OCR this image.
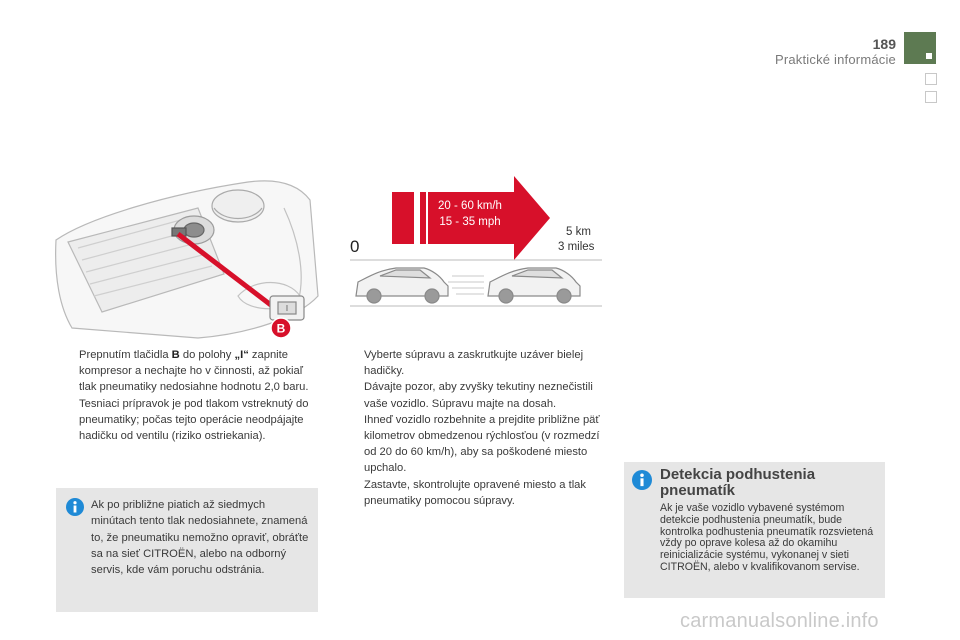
189
Praktické informácie
I
B
20 - 60 km/h
15 - 35 mph
0
5 km
3 miles
Prepnutím tlačidla B do polohy „I“ zapnite kompresor a nechajte ho v činnosti, až pokiaľ tlak pneumatiky nedosiahne hodnotu 2,0 baru.
Tesniaci prípravok je pod tlakom vstreknutý do pneumatiky; počas tejto operácie neodpájajte hadičku od ventilu (riziko ostriekania).
Ak po približne piatich až siedmych minútach tento tlak nedosiahnete, znamená to, že pneumatiku nemožno opraviť, obráťte sa na sieť CITROËN, alebo na odborný servis, kde vám poruchu odstránia.
Vyberte súpravu a zaskrutkujte uzáver bielej hadičky.
Dávajte pozor, aby zvyšky tekutiny neznečistili vaše vozidlo. Súpravu majte na dosah.
Ihneď vozidlo rozbehnite a prejdite približne päť kilometrov obmedzenou rýchlosťou (v rozmedzí od 20 do 60 km/h), aby sa poškodené miesto upchalo.
Zastavte, skontrolujte opravené miesto a tlak pneumatiky pomocou súpravy.
Detekcia podhustenia pneumatík
Ak je vaše vozidlo vybavené systémom detekcie podhustenia pneumatík, bude kontrolka podhustenia pneumatík rozsvietená vždy po oprave kolesa až do okamihu reinicializácie systému, vykonanej v sieti CITROËN, alebo v kvalifikovanom servise.
carmanualsonline.info
